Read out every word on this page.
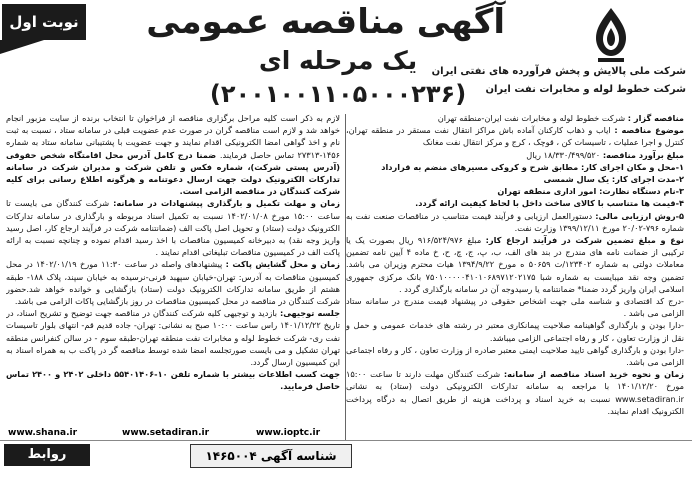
نوبت اول آگهی مناقصه عمومی
یک مرحله ای
(۲۰۰۱۰۰۱۱۰۵۰۰۰۲۳۶)
شرکت ملی پالایش و پخش فرآورده های نفتی ایران
شرکت خطوط لوله و مخابرات نفت ایران

مناقصه گزار : شرکت خطوط لوله و مخابرات نفت ایران-منطقه تهران

موضوع مناقصه : ایاب و ذهاب کارکنان آماده باش مراکز انتقال نفت مستقر در منطقه تهران، کنترل و اجرا عملیات ، تاسیسات کن ، قوچک ، کرج و مرکز انتقال نفت مغانک

مبلغ برآورد مناقصه: ۱۸/۳۳۰/۴۹۹/۵۲۰ ریال

۱-محل و مکان اجرای کار: مطابق شرح و کروکی مسیرهای منضم به قرارداد

۲-مدت اجرای کار: یک سال شمسی

۳-نام دستگاه نظارت: امور اداری منطقه تهران

۴-قیمت ها متناسب با کالای ساخت داخل با لحاظ کیفیت ارائه گردد.

۵-روش ارزیابی مالی: دستورالعمل ارزیابی و فرآیند قیمت متناسب در مناقصات صنعت نفت به شماره ۷۹۶-۲۰/۰۲ مورخ ۱۳۹۹/۱۲/۱۱ وزارت نفت.

نوع و مبلغ تضمین شرکت در فرآیند ارجاع کار: مبلغ ۹۱۶/۵۲۴/۹۷۶ ریال بصورت یک یا ترکیبی از ضمانت نامه های مندرج در بند های الف، ب، پ، ج، چ، ح، خ ماده ۴ آیین نامه تضمین معاملات دولتی به شماره ۱۲۳۴۰۲/ت ۵۰۶۵۹ ه مورخ ۱۳۹۴/۹/۲۲ هیات محترم وزیران می باشد. تضمین وجه نقد میبایست به شماره شبا ۷۵۰۱۰۰۰۰۰۴۱۰۱۰۶۸۹۷۱۲۰۲۱۷۵ بانک مرکزی جمهوری اسلامی ایران واریز گردد ضمنا* ضمانتنامه یا رسیدوجه آن در سامانه بارگذاری گردد .

-درج کد اقتصادی و شناسه ملی جهت اشخاص حقوقی در پیشنهاد قیمت مندرج در سامانه ستاد الزامی می باشد .

-دارا بودن و بارگذاری گواهینامه صلاحیت پیمانکاری معتبر در رشته های خدمات عمومی و حمل و نقل از وزارت تعاون ، کار و رفاه اجتماعی الزامی میباشد.

-دارا بودن و بارگذاری گواهی تایید صلاحیت ایمنی معتبر صادره از وزارت تعاون ، کار و رفاه اجتماعی الزامی می باشد.

زمان و نحوه خرید اسناد مناقصه از سامانه: شرکت کنندگان مهلت دارند تا ساعت ۱۵:۰۰ مورخ ۱۴۰۱/۱۲/۲۰ با مراجعه به سامانه تدارکات الکترونیکی دولت (ستاد) به نشانی www.setadiran.ir نسبت به خرید اسناد و پرداخت هزینه از طریق اتصال به درگاه پرداخت الکترونیک اقدام نمایند.

لازم به ذکر است کلیه مراحل برگزاری مناقصه از فراخوان تا انتخاب برنده از سایت مزبور انجام خواهد شد و لازم است مناقصه گران در صورت عدم عضویت قبلی در سامانه ستاد ، نسبت به ثبت نام و اخذ گواهی امضا الکترونیکی اقدام نمایند و جهت عضویت با پشتیبانی سامانه ستاد به شماره ۱۴۵۶-۲۷۳۱۳ تماس حاصل فرمایند. ضمنا درج کامل آدرس محل اقامتگاه شخص حقوقی (آدرس پستی شرکت)، شماره فکس و تلفن شرکت و مدیران شرکت در سامانه تدارکات الکترونیک دولت جهت ارسال دعوتنامه و هرگونه اطلاع رسانی برای کلیه شرکت کنندگان در مناقصه الزامی است.

زمان و مهلت تکمیل و بارگذاری پیشنهادات در سامانه: شرکت کنندگان می بایست تا ساعت ۱۵:۰۰ مورخ ۱۴۰۲/۰۱/۰۸ نسبت به تکمیل اسناد مربوطه و بارگذاری در سامانه تدارکات الکترونیک دولت (ستاد) و تحویل اصل پاکت الف (ضمانتنامه شرکت در فرآیند ارجاع کار، اصل رسید واریز وجه نقد) به دبیرخانه کمیسیون مناقصات با اخذ رسید اقدام نموده و چنانچه نسبت به ارائه پاکت الف در کمیسیون مناقصات تبلیغاتی اقدام نمایند .

زمان و محل گشایش پاکت : پیشنهادهای واصله در ساعت ۱۱:۳۰ مورخ ۱۴۰۲/۰۱/۱۹ در محل کمیسیون مناقصات به آدرس: تهران-خیابان سپهبد قرنی-نرسیده به خیابان سپند، پلاک ۱۸۸- طبقه هشتم از طریق سامانه تدارکات الکترونیک دولت (ستاد) بازگشایی و خوانده خواهد شد.حضور شرکت کنندگان در مناقصه در محل کمیسیون مناقصات در روز بازگشایی پاکات الزامی می باشد.

جلسه توجیهی: بازدید و توجیهی کلیه شرکت کنندگان در مناقصه جهت توضیح و تشریح اسناد، در تاریخ ۱۴۰۱/۱۲/۲۲ راس ساعت ۱۰:۰۰ صبح به نشانی: تهران- جاده قدیم قم- انتهای بلوار تاسیسات نفت ری- شرکت خطوط لوله و مخابرات نفت منطقه تهران-طبقه سوم - در سالن کنفرانس منطقه تهران تشکیل و می بایست صورتجلسه امضا شده توسط مناقصه گر در پاکت ب به همراه اسناد به این کمیسیون ارسال گردد.

جهت کسب اطلاعات بیشتر با شماره تلفن ۱۰-۵۵۴۰۱۴۰۶ داخلی ۲۴۰۲ و ۲۴۰۰ تماس حاصل فرمایید.

www.shana.ir	www.setadiran.ir	www.ioptc.ir
روابط عمومی
شناسه آگهی ۱۴۶۵۰۰۴
